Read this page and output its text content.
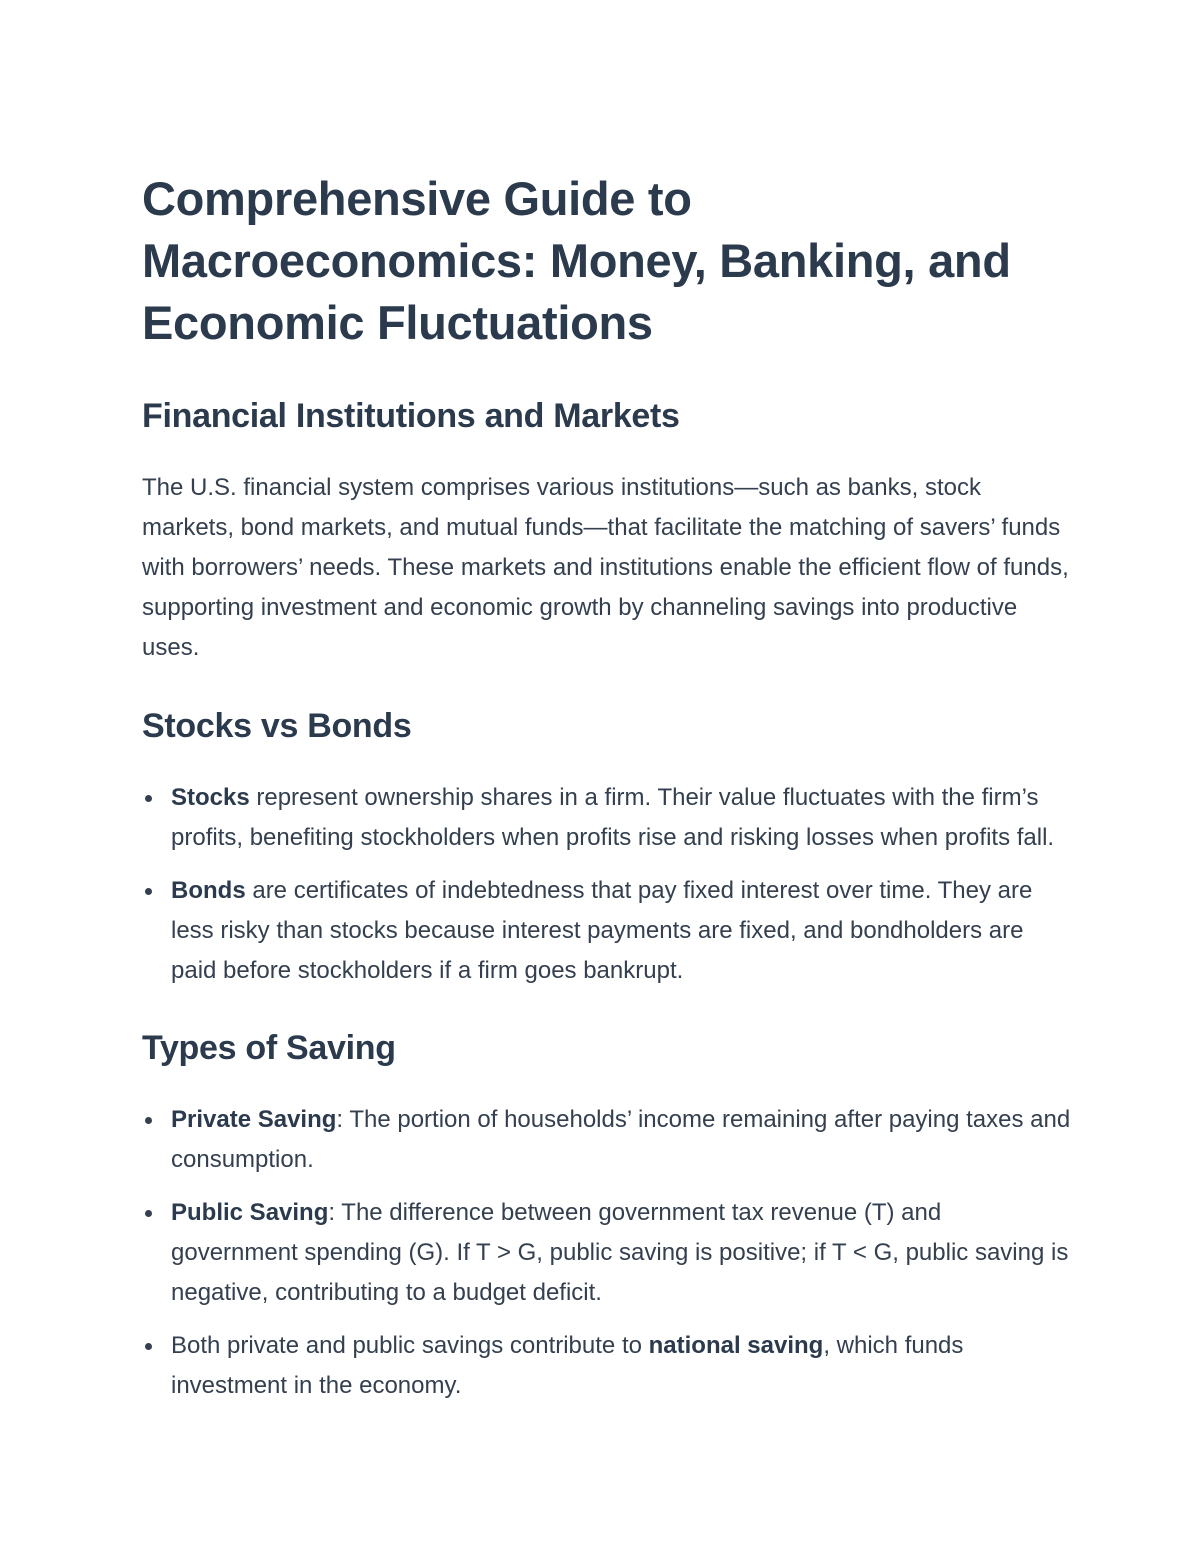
Comprehensive Guide to Macroeconomics: Money, Banking, and Economic Fluctuations
Financial Institutions and Markets

The U.S. financial system comprises various institutions—such as banks, stock markets, bond markets, and mutual funds—that facilitate the matching of savers’ funds with borrowers’ needs. These markets and institutions enable the efficient flow of funds, supporting investment and economic growth by channeling savings into productive uses.

Stocks vs Bonds
Stocks represent ownership shares in a firm. Their value fluctuates with the firm’s profits, benefiting stockholders when profits rise and risking losses when profits fall.
Bonds are certificates of indebtedness that pay fixed interest over time. They are less risky than stocks because interest payments are fixed, and bondholders are paid before stockholders if a firm goes bankrupt.
Types of Saving
Private Saving: The portion of households’ income remaining after paying taxes and consumption.
Public Saving: The difference between government tax revenue (T) and government spending (G). If T > G, public saving is positive; if T < G, public saving is negative, contributing to a budget deficit.
Both private and public savings contribute to national saving, which funds investment in the economy.
